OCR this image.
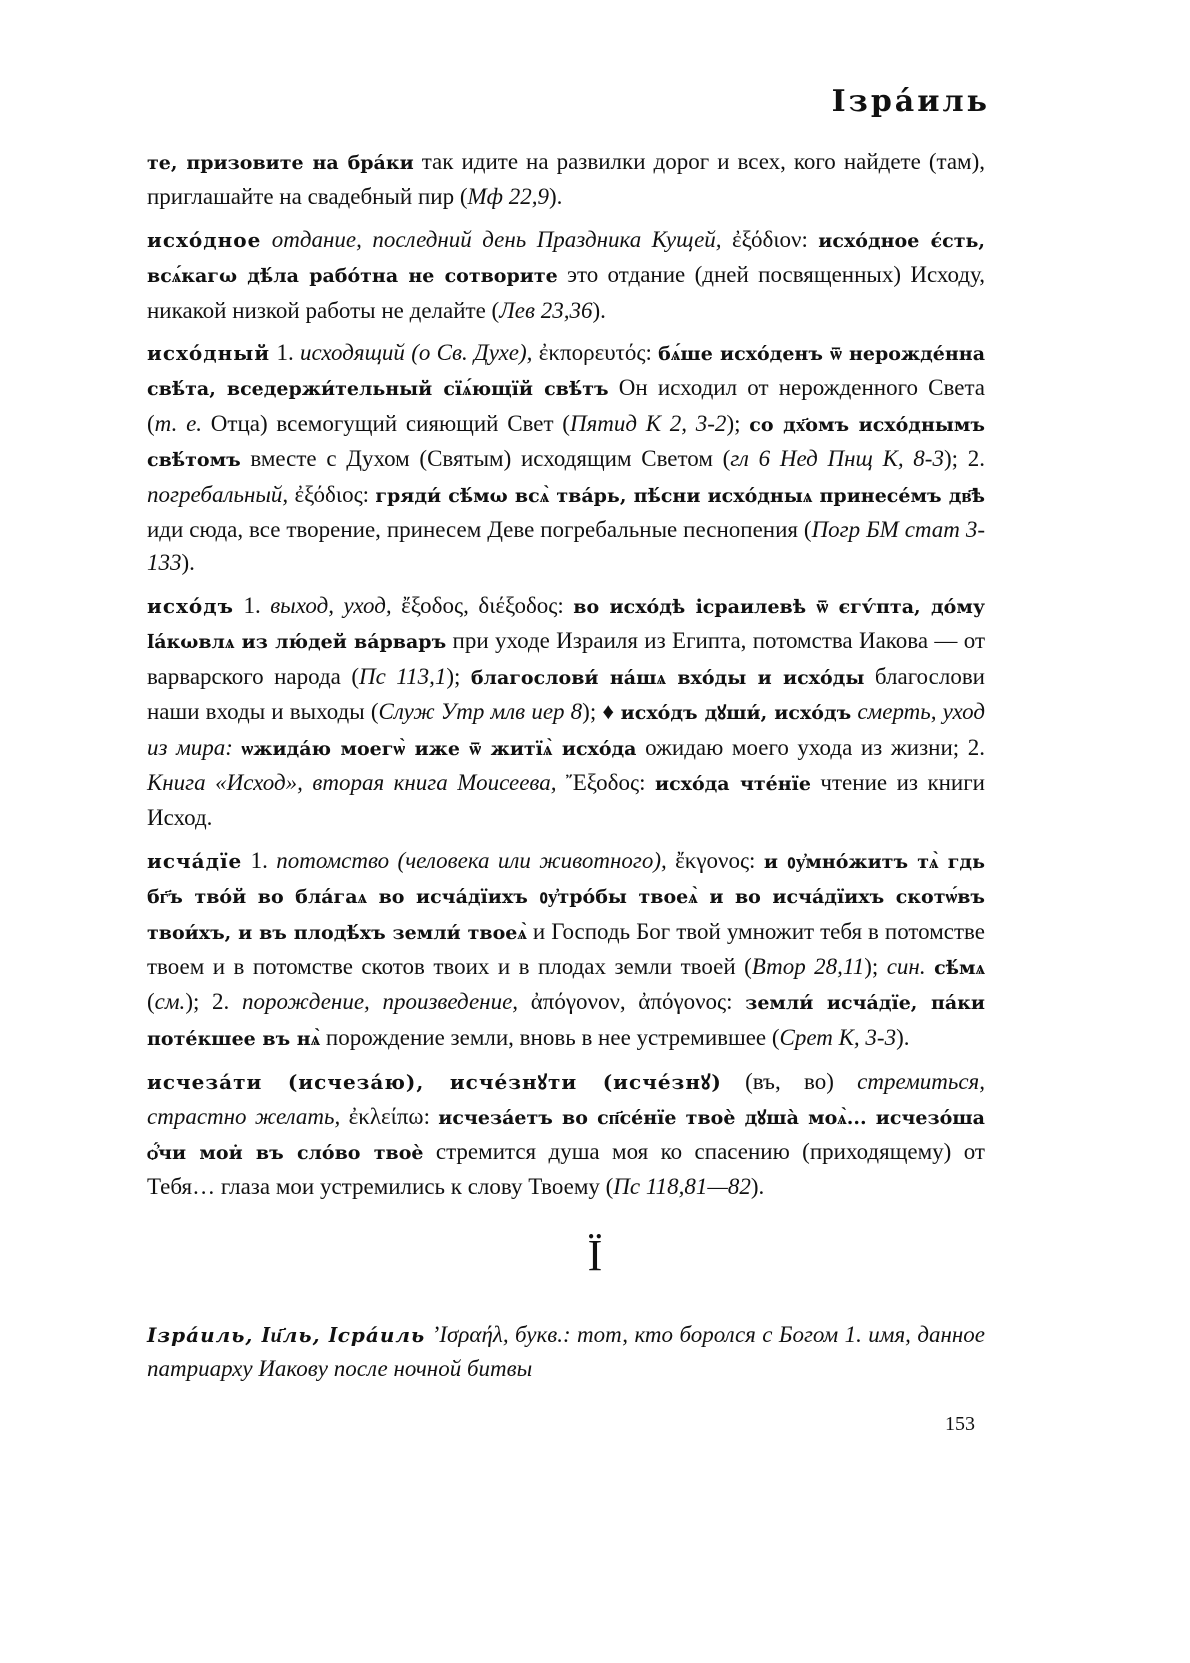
Ізрáиль

те, призовите на бра́ки так идите на развилки дорог и всех, кого найдете (там), приглашайте на свадебный пир (Мф 22,9).

исхóдное отдание, последний день Праздника Кущей, ἐξόδιον: исхóдное є́сть, всѧ́кагω дѣ́ла рабóтна не сотворите это отдание (дней посвященных) Исходу, никакой низкой работы не делайте (Лев 23,36).

исхóдный 1. исходящий (о Св. Духе), ἐκπορευτός: бѧ́ше исхóденъ ѿ нерождéнна свѣ́та, вседержи́тельный сїѧ́ющїй свѣ́тъ Он исходил от нерожденного Света (т. е. Отца) всемогущий сияющий Свет (Пятид К 2, 3-2); со дх҃омъ исхóднымъ свѣ́томъ вместе с Духом (Святым) исходящим Светом (гл 6 Нед Пнщ К, 8-3); 2. погребальный, ἐξόδιος: гряди́ сѣ́мω всѧ̀ тва́рь, пѣ́сни исхóдныѧ принесéмъ дв҃ѣ иди сюда, все творение, принесем Деве погребальные песнопения (Погр БМ стат 3-133).

исхóдъ 1. выход, уход, ἔξοδος, διέξοδος: во исхóдѣ ісраилевѣ ѿ єгѵ́пта, дóму ӏа́кωвлѧ из лю́дей ва́рваръ при уходе Израиля из Египта, потомства Иакова — от варварского народа (Пс 113,1); благослови́ на́шѧ вхóды и исхóды благослови наши входы и выходы (Служ Утр млв иер 8); ♦ исхóдъ дꙋши́, исхóдъ смерть, уход из мира: ѡжида́ю моегѡ̀ иже ѿ житїѧ̀ исхóда ожидаю моего ухода из жизни; 2. Книга «Исход», вторая книга Моисеева, Ἔξοδος: исхóда чтéнїе чтение из книги Исход.

исча́дїе 1. потомство (человека или животного), ἔκγονος: и ᲂу҆мнóжитъ тѧ̀ гдь бг҃ъ твóй во бла́гаѧ во исча́дїихъ ᲂу҆трóбы твоеѧ̀ и во исча́дїихъ скотѡ́въ твои́хъ, и въ плодѣ́хъ земли́ твоеѧ̀ и Господь Бог твой умножит тебя в потомстве твоем и в потомстве скотов твоих и в плодах земли твоей (Втор 28,11); син. сѣ́мѧ (см.); 2. порождение, произведение, ἀπόγονον, ἀπόγονος: земли́ исча́дїе, па́ки потéкшее въ нѧ̀ порождение земли, вновь в нее устремившее (Срет К, 3-3).

исчеза́ти (исчеза́ю), исчéзнꙋти (исчéзнꙋ) (въ, во) стремиться, страстно желать, ἐκλείπω: исчеза́етъ во сп҃сéнїе твоѐ дꙋша̀ моѧ̀... исчезóша ѻ҆́чи мои̇ въ слóво твоѐ стремится душа моя ко спасению (приходящему) от Тебя… глаза мои устремились к слову Твоему (Пс 118,81—82).

Ї

Ізрáиль, ӏи҃ль, ӏсрáиль ’Ισραήλ, букв.: тот, кто боролся с Богом 1. имя, данное патриарху Иакову после ночной битвы

153
